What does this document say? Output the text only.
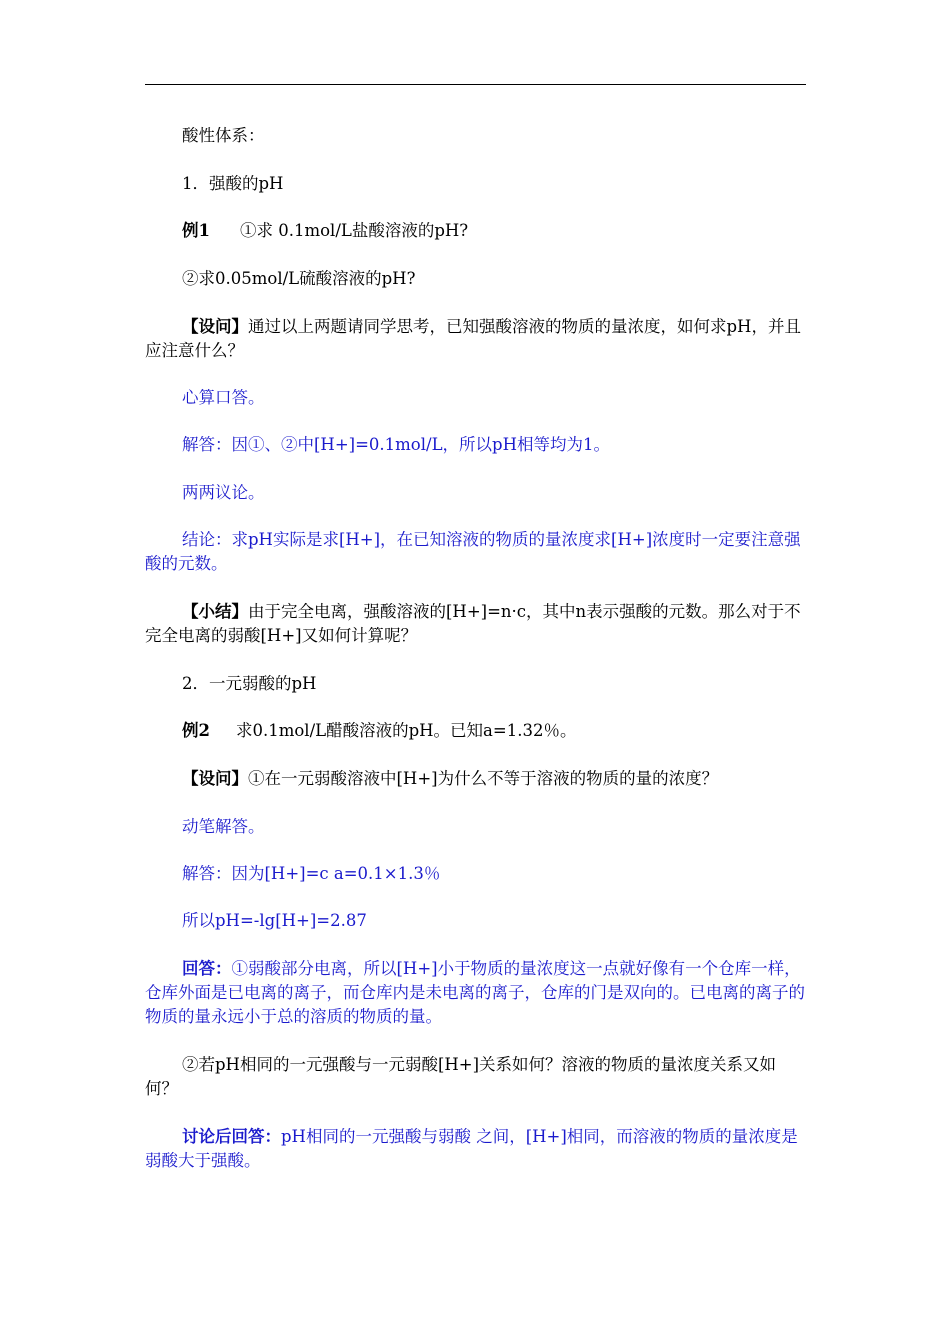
酸性体系：
1．强酸的pH
例1 ①求 0.1mol/L盐酸溶液的pH?
②求0.05mol/L硫酸溶液的pH?
【设问】通过以上两题请同学思考，已知强酸溶液的物质的量浓度，如何求pH，并且应注意什么？
心算口答。
解答：因①、②中[H+]=0.1mol/L，所以pH相等均为1。
两两议论。
结论：求pH实际是求[H+]，在已知溶液的物质的量浓度求[H+]浓度时一定要注意强酸的元数。
【小结】由于完全电离，强酸溶液的[H+]=n·c，其中n表示强酸的元数。那么对于不完全电离的弱酸[H+]又如何计算呢？
2．一元弱酸的pH
例2 求0.1mol/L醋酸溶液的pH。已知a=1.32％。
【设问】①在一元弱酸溶液中[H+]为什么不等于溶液的物质的量的浓度？
动笔解答。
解答：因为[H+]=c a=0.1×1.3％
所以pH=-lg[H+]=2.87
回答：①弱酸部分电离，所以[H+]小于物质的量浓度这一点就好像有一个仓库一样，仓库外面是已电离的离子，而仓库内是未电离的离子，仓库的门是双向的。已电离的离子的物质的量永远小于总的溶质的物质的量。
②若pH相同的一元强酸与一元弱酸[H+]关系如何？溶液的物质的量浓度关系又如何？
讨论后回答：pH相同的一元强酸与弱酸 之间，[H+]相同，而溶液的物质的量浓度是弱酸大于强酸。
